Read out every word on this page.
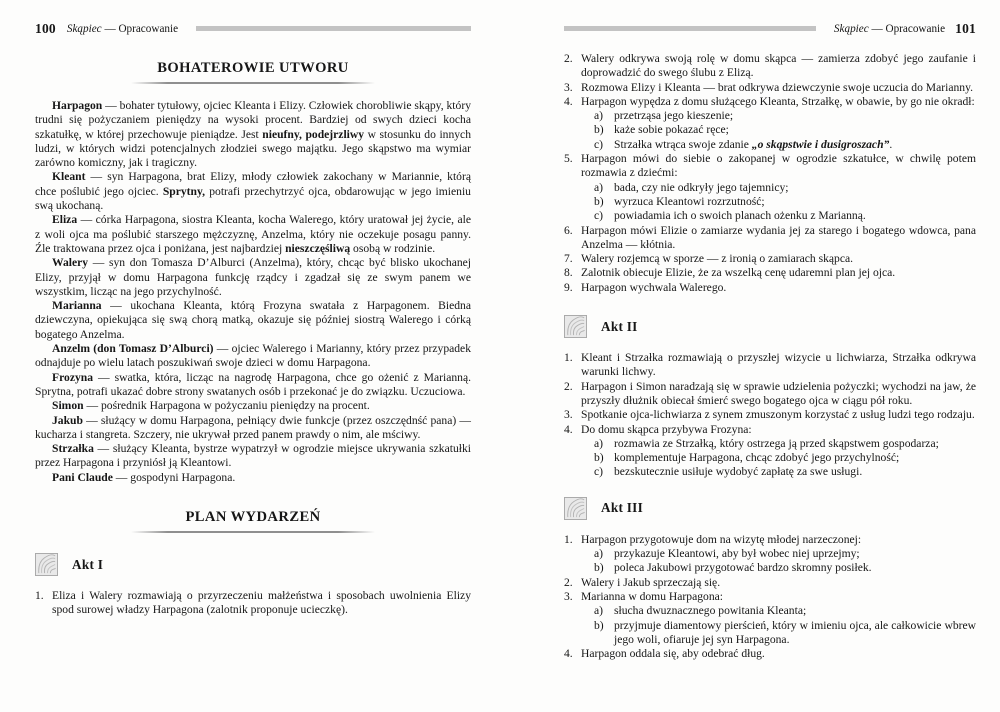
100 Skąpiec — Opracowanie
BOHATEROWIE UTWORU

Harpagon — bohater tytułowy, ojciec Kleanta i Elizy. Człowiek chorobliwie skąpy, który trudni się pożyczaniem pieniędzy na wysoki procent. Bardziej od swych dzieci kocha szkatułkę, w której przechowuje pieniądze. Jest nieufny, podejrzliwy w stosunku do innych ludzi, w których widzi potencjalnych złodziei swego majątku. Jego skąpstwo ma wymiar zarówno komiczny, jak i tragiczny.

Kleant — syn Harpagona, brat Elizy, młody człowiek zakochany w Mariannie, którą chce poślubić jego ojciec. Sprytny, potrafi przechytrzyć ojca, obdarowując w jego imieniu swą ukochaną.

Eliza — córka Harpagona, siostra Kleanta, kocha Walerego, który uratował jej życie, ale z woli ojca ma poślubić starszego mężczyznę, Anzelma, który nie oczekuje posagu panny. Źle traktowana przez ojca i poniżana, jest najbardziej nieszczęśliwą osobą w rodzinie.

Walery — syn don Tomasza D’Alburci (Anzelma), który, chcąc być blisko ukochanej Elizy, przyjął w domu Harpagona funkcję rządcy i zgadzał się ze swym panem we wszystkim, licząc na jego przychylność.

Marianna — ukochana Kleanta, którą Frozyna swatała z Harpagonem. Biedna dziewczyna, opiekująca się swą chorą matką, okazuje się później siostrą Walerego i córką bogatego Anzelma.

Anzelm (don Tomasz D’Alburci) — ojciec Walerego i Marianny, który przez przypadek odnajduje po wielu latach poszukiwań swoje dzieci w domu Harpagona.

Frozyna — swatka, która, licząc na nagrodę Harpagona, chce go ożenić z Marianną. Sprytna, potrafi ukazać dobre strony swatanych osób i przekonać je do związku. Uczuciowa.

Simon — pośrednik Harpagona w pożyczaniu pieniędzy na procent.

Jakub — służący w domu Harpagona, pełniący dwie funkcje (przez oszczędnść pana) — kucharza i stangreta. Szczery, nie ukrywał przed panem prawdy o nim, ale mściwy.

Strzałka — służący Kleanta, bystrze wypatrzył w ogrodzie miejsce ukrywania szkatułki przez Harpagona i przyniósł ją Kleantowi.

Pani Claude — gospodyni Harpagona.

PLAN WYDARZEŃ
Akt I
1. Eliza i Walery rozmawiają o przyrzeczeniu małżeństwa i sposobach uwolnienia Elizy spod surowej władzy Harpagona (zalotnik proponuje ucieczkę).
Skąpiec — Opracowanie 101
2. Walery odkrywa swoją rolę w domu skąpca — zamierza zdobyć jego zaufanie i doprowadzić do swego ślubu z Elizą.
3. Rozmowa Elizy i Kleanta — brat odkrywa dziewczynie swoje uczucia do Marianny.
4. Harpagon wypędza z domu służącego Kleanta, Strzałkę, w obawie, by go nie okradł:
a) przetrząsa jego kieszenie;
b) każe sobie pokazać ręce;
c) Strzałka wtrąca swoje zdanie „o skąpstwie i dusigroszach”.
5. Harpagon mówi do siebie o zakopanej w ogrodzie szkatułce, w chwilę potem rozmawia z dziećmi:
a) bada, czy nie odkryły jego tajemnicy;
b) wyrzuca Kleantowi rozrzutność;
c) powiadamia ich o swoich planach ożenku z Marianną.
6. Harpagon mówi Elizie o zamiarze wydania jej za starego i bogatego wdowca, pana Anzelma — kłótnia.
7. Walery rozjemcą w sporze — z ironią o zamiarach skąpca.
8. Zalotnik obiecuje Elizie, że za wszelką cenę udaremni plan jej ojca.
9. Harpagon wychwala Walerego.
Akt II
1. Kleant i Strzałka rozmawiają o przyszłej wizycie u lichwiarza, Strzałka odkrywa warunki lichwy.
2. Harpagon i Simon naradzają się w sprawie udzielenia pożyczki; wychodzi na jaw, że przyszły dłużnik obiecał śmierć swego bogatego ojca w ciągu pół roku.
3. Spotkanie ojca-lichwiarza z synem zmuszonym korzystać z usług ludzi tego rodzaju.
4. Do domu skąpca przybywa Frozyna:
a) rozmawia ze Strzałką, który ostrzega ją przed skąpstwem gospodarza;
b) komplementuje Harpagona, chcąc zdobyć jego przychylność;
c) bezskutecznie usiłuje wydobyć zapłatę za swe usługi.
Akt III
1. Harpagon przygotowuje dom na wizytę młodej narzeczonej:
a) przykazuje Kleantowi, aby był wobec niej uprzejmy;
b) poleca Jakubowi przygotować bardzo skromny posiłek.
2. Walery i Jakub sprzeczają się.
3. Marianna w domu Harpagona:
a) słucha dwuznacznego powitania Kleanta;
b) przyjmuje diamentowy pierścień, który w imieniu ojca, ale całkowicie wbrew jego woli, ofiaruje jej syn Harpagona.
4. Harpagon oddala się, aby odebrać dług.
